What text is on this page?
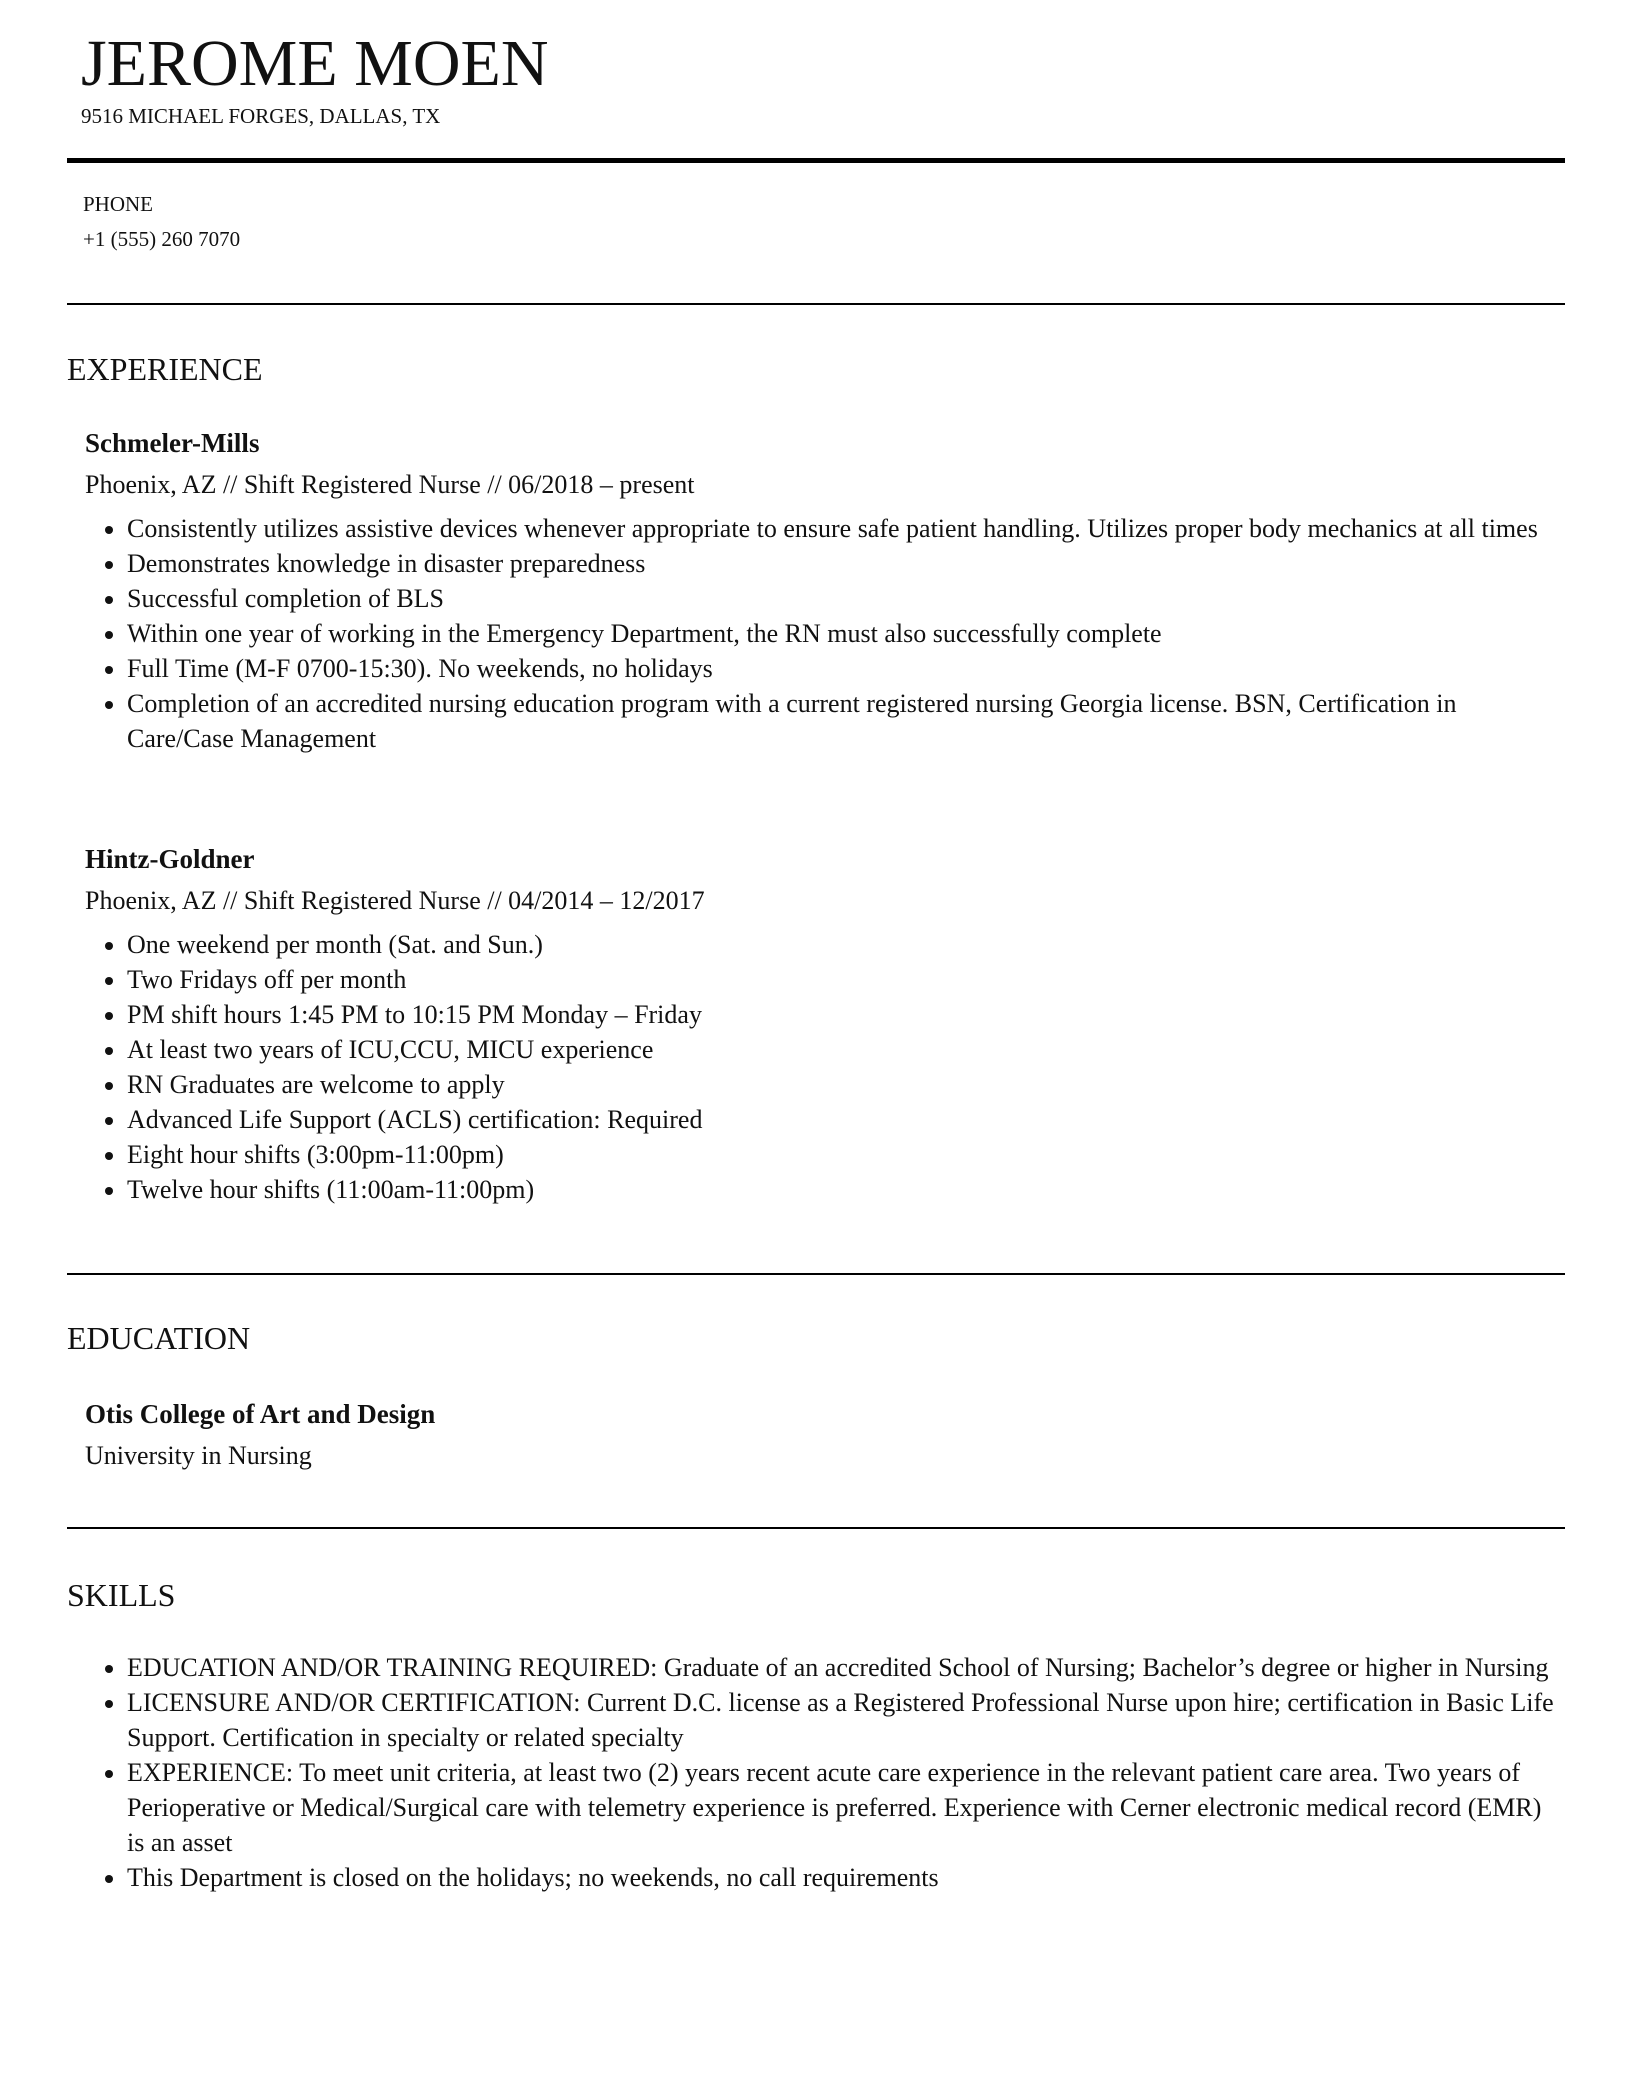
JEROME MOEN
9516 MICHAEL FORGES, DALLAS, TX
PHONE
+1 (555) 260 7070
EXPERIENCE
Schmeler-Mills
Phoenix, AZ // Shift Registered Nurse // 06/2018 – present
• Consistently utilizes assistive devices whenever appropriate to ensure safe patient handling. Utilizes proper body mechanics at all times
• Demonstrates knowledge in disaster preparedness
• Successful completion of BLS
• Within one year of working in the Emergency Department, the RN must also successfully complete
• Full Time (M-F 0700-15:30). No weekends, no holidays
• Completion of an accredited nursing education program with a current registered nursing Georgia license. BSN, Certification in Care/Case Management
Hintz-Goldner
Phoenix, AZ // Shift Registered Nurse // 04/2014 – 12/2017
• One weekend per month (Sat. and Sun.)
• Two Fridays off per month
• PM shift hours 1:45 PM to 10:15 PM Monday – Friday
• At least two years of ICU,CCU, MICU experience
• RN Graduates are welcome to apply
• Advanced Life Support (ACLS) certification: Required
• Eight hour shifts (3:00pm-11:00pm)
• Twelve hour shifts (11:00am-11:00pm)
EDUCATION
Otis College of Art and Design
University in Nursing
SKILLS
• EDUCATION AND/OR TRAINING REQUIRED: Graduate of an accredited School of Nursing; Bachelor’s degree or higher in Nursing
• LICENSURE AND/OR CERTIFICATION: Current D.C. license as a Registered Professional Nurse upon hire; certification in Basic Life Support. Certification in specialty or related specialty
• EXPERIENCE: To meet unit criteria, at least two (2) years recent acute care experience in the relevant patient care area. Two years of Perioperative or Medical/Surgical care with telemetry experience is preferred. Experience with Cerner electronic medical record (EMR) is an asset
• This Department is closed on the holidays; no weekends, no call requirements
